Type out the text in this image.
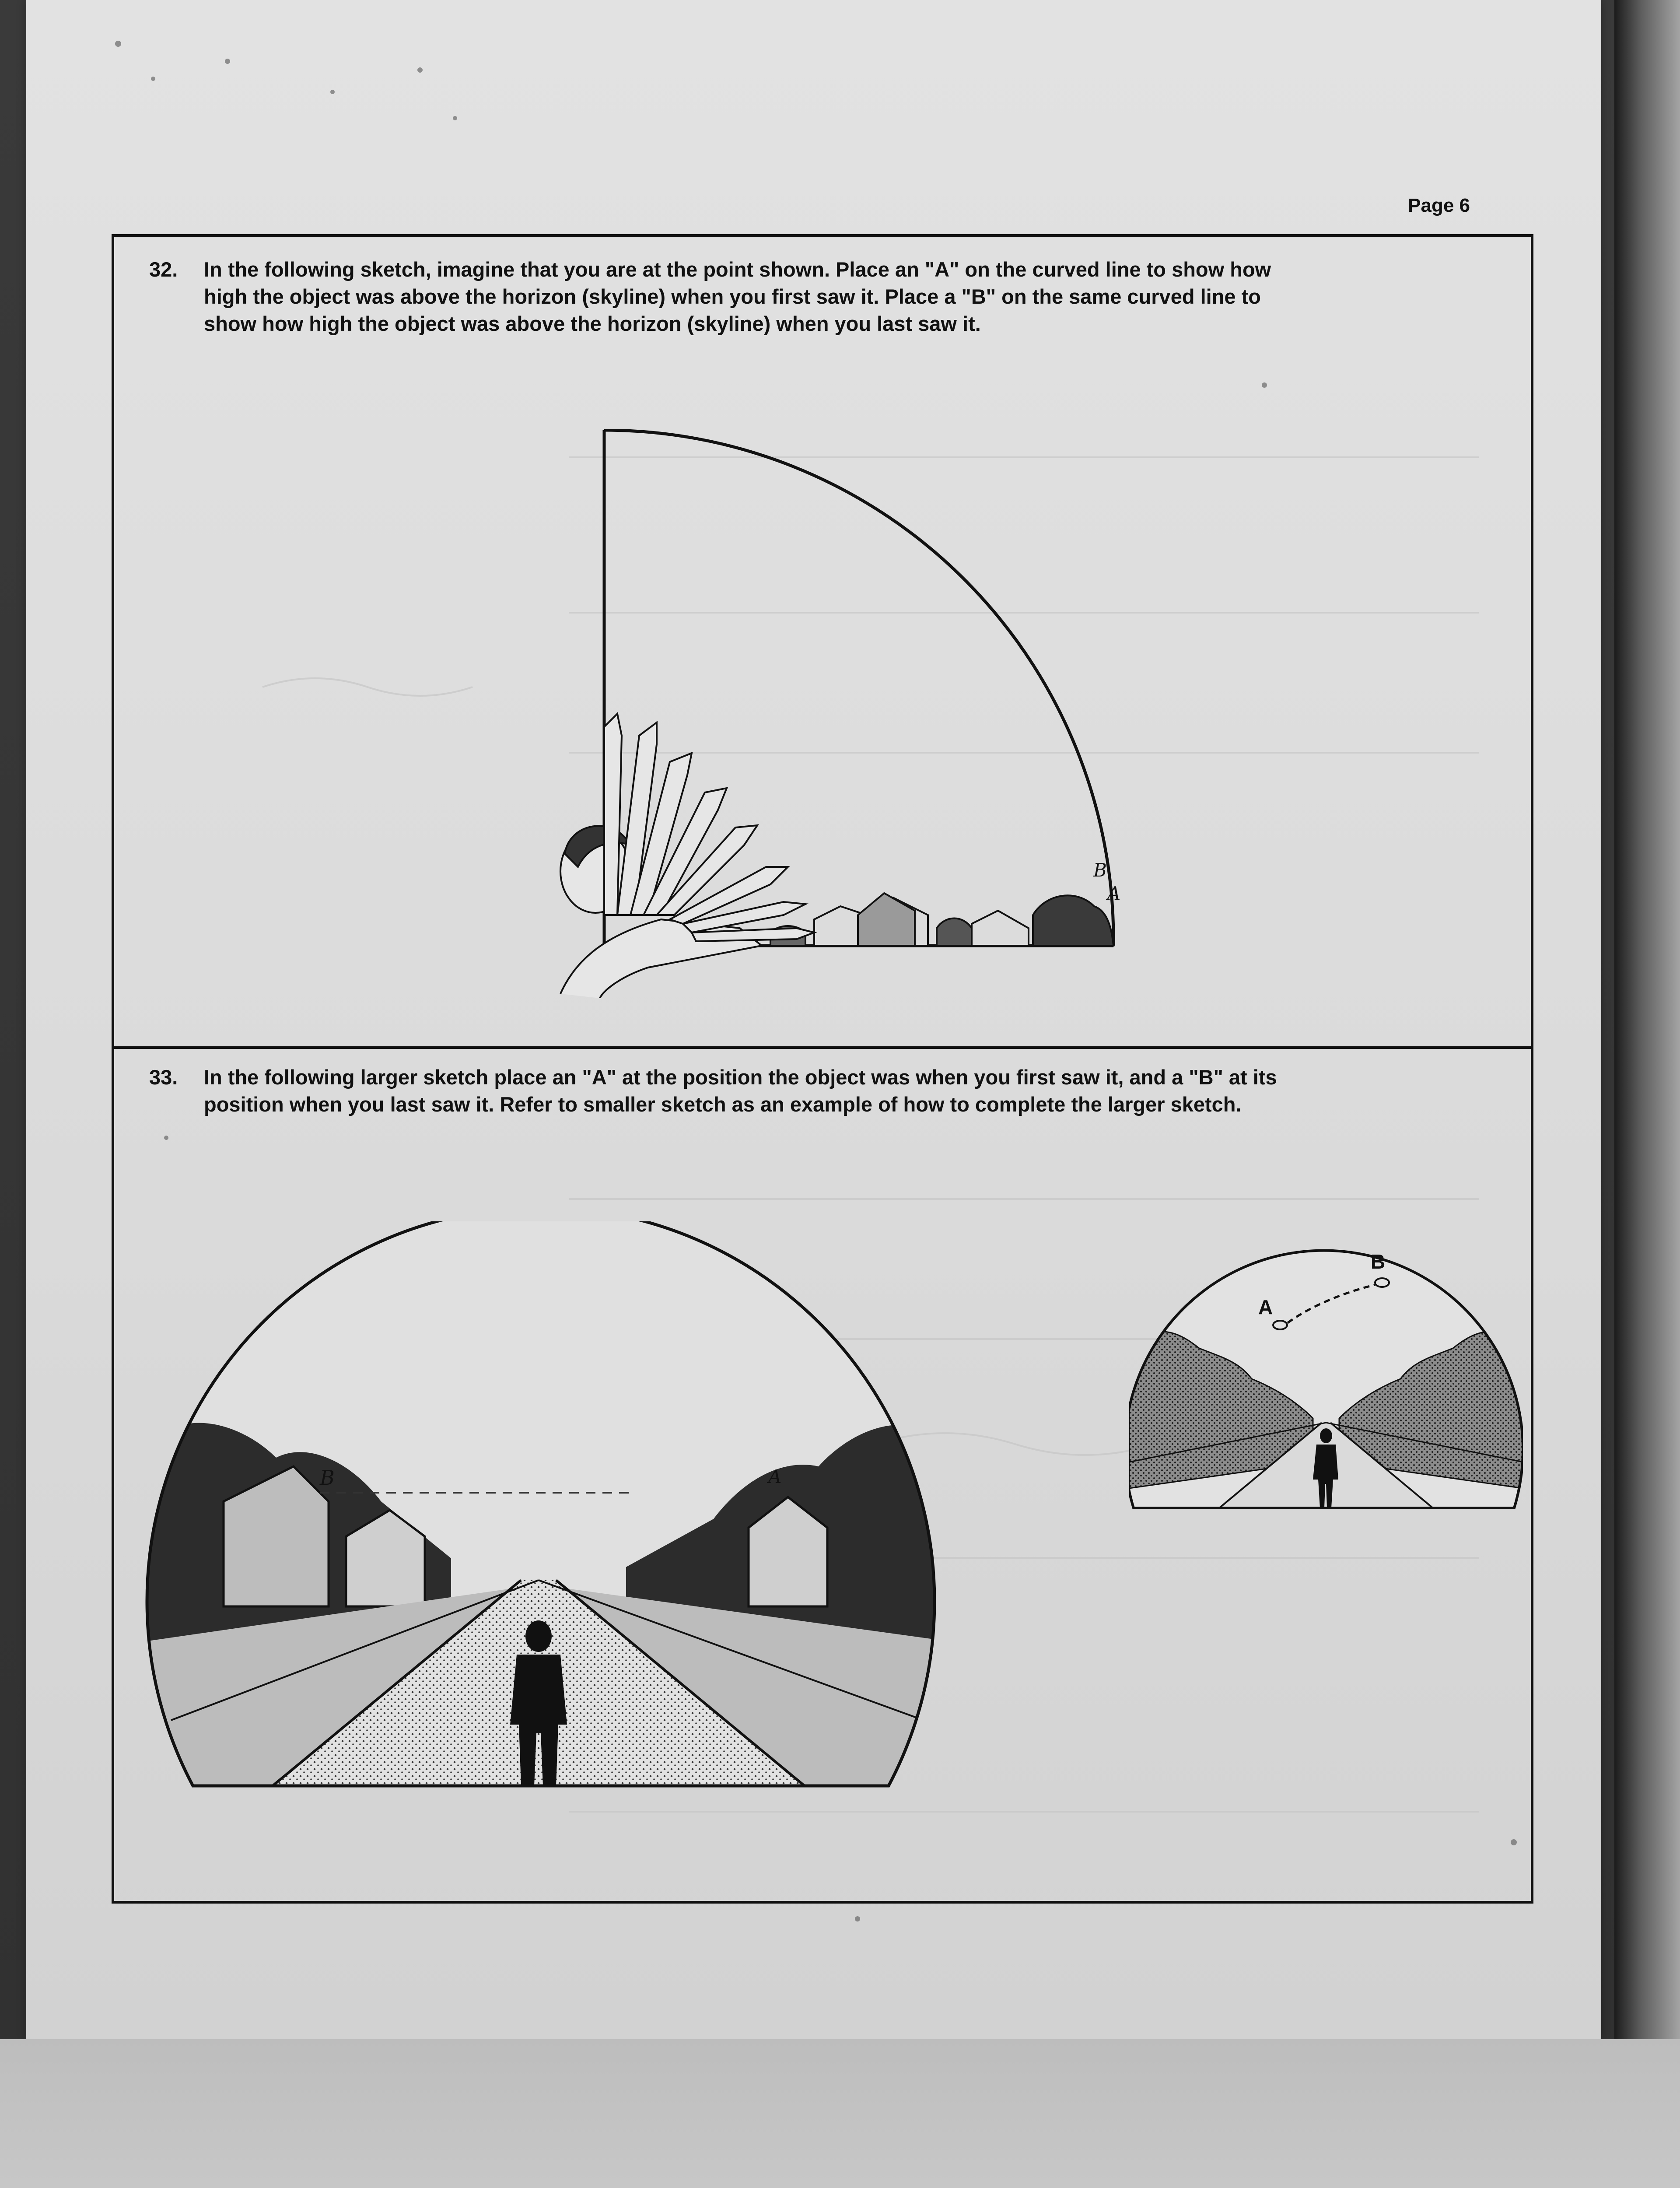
Page 6
32. In the following sketch, imagine that you are at the point shown. Place an "A" on the curved line to show how
high the object was above the horizon (skyline) when you first saw it. Place a "B" on the same curved line to
show how high the object was above the horizon (skyline) when you last saw it.
B
A
33. In the following larger sketch place an "A" at the position the object was when you first saw it, and a "B" at its
position when you last saw it. Refer to smaller sketch as an example of how to complete the larger sketch.
B	A
A
B
